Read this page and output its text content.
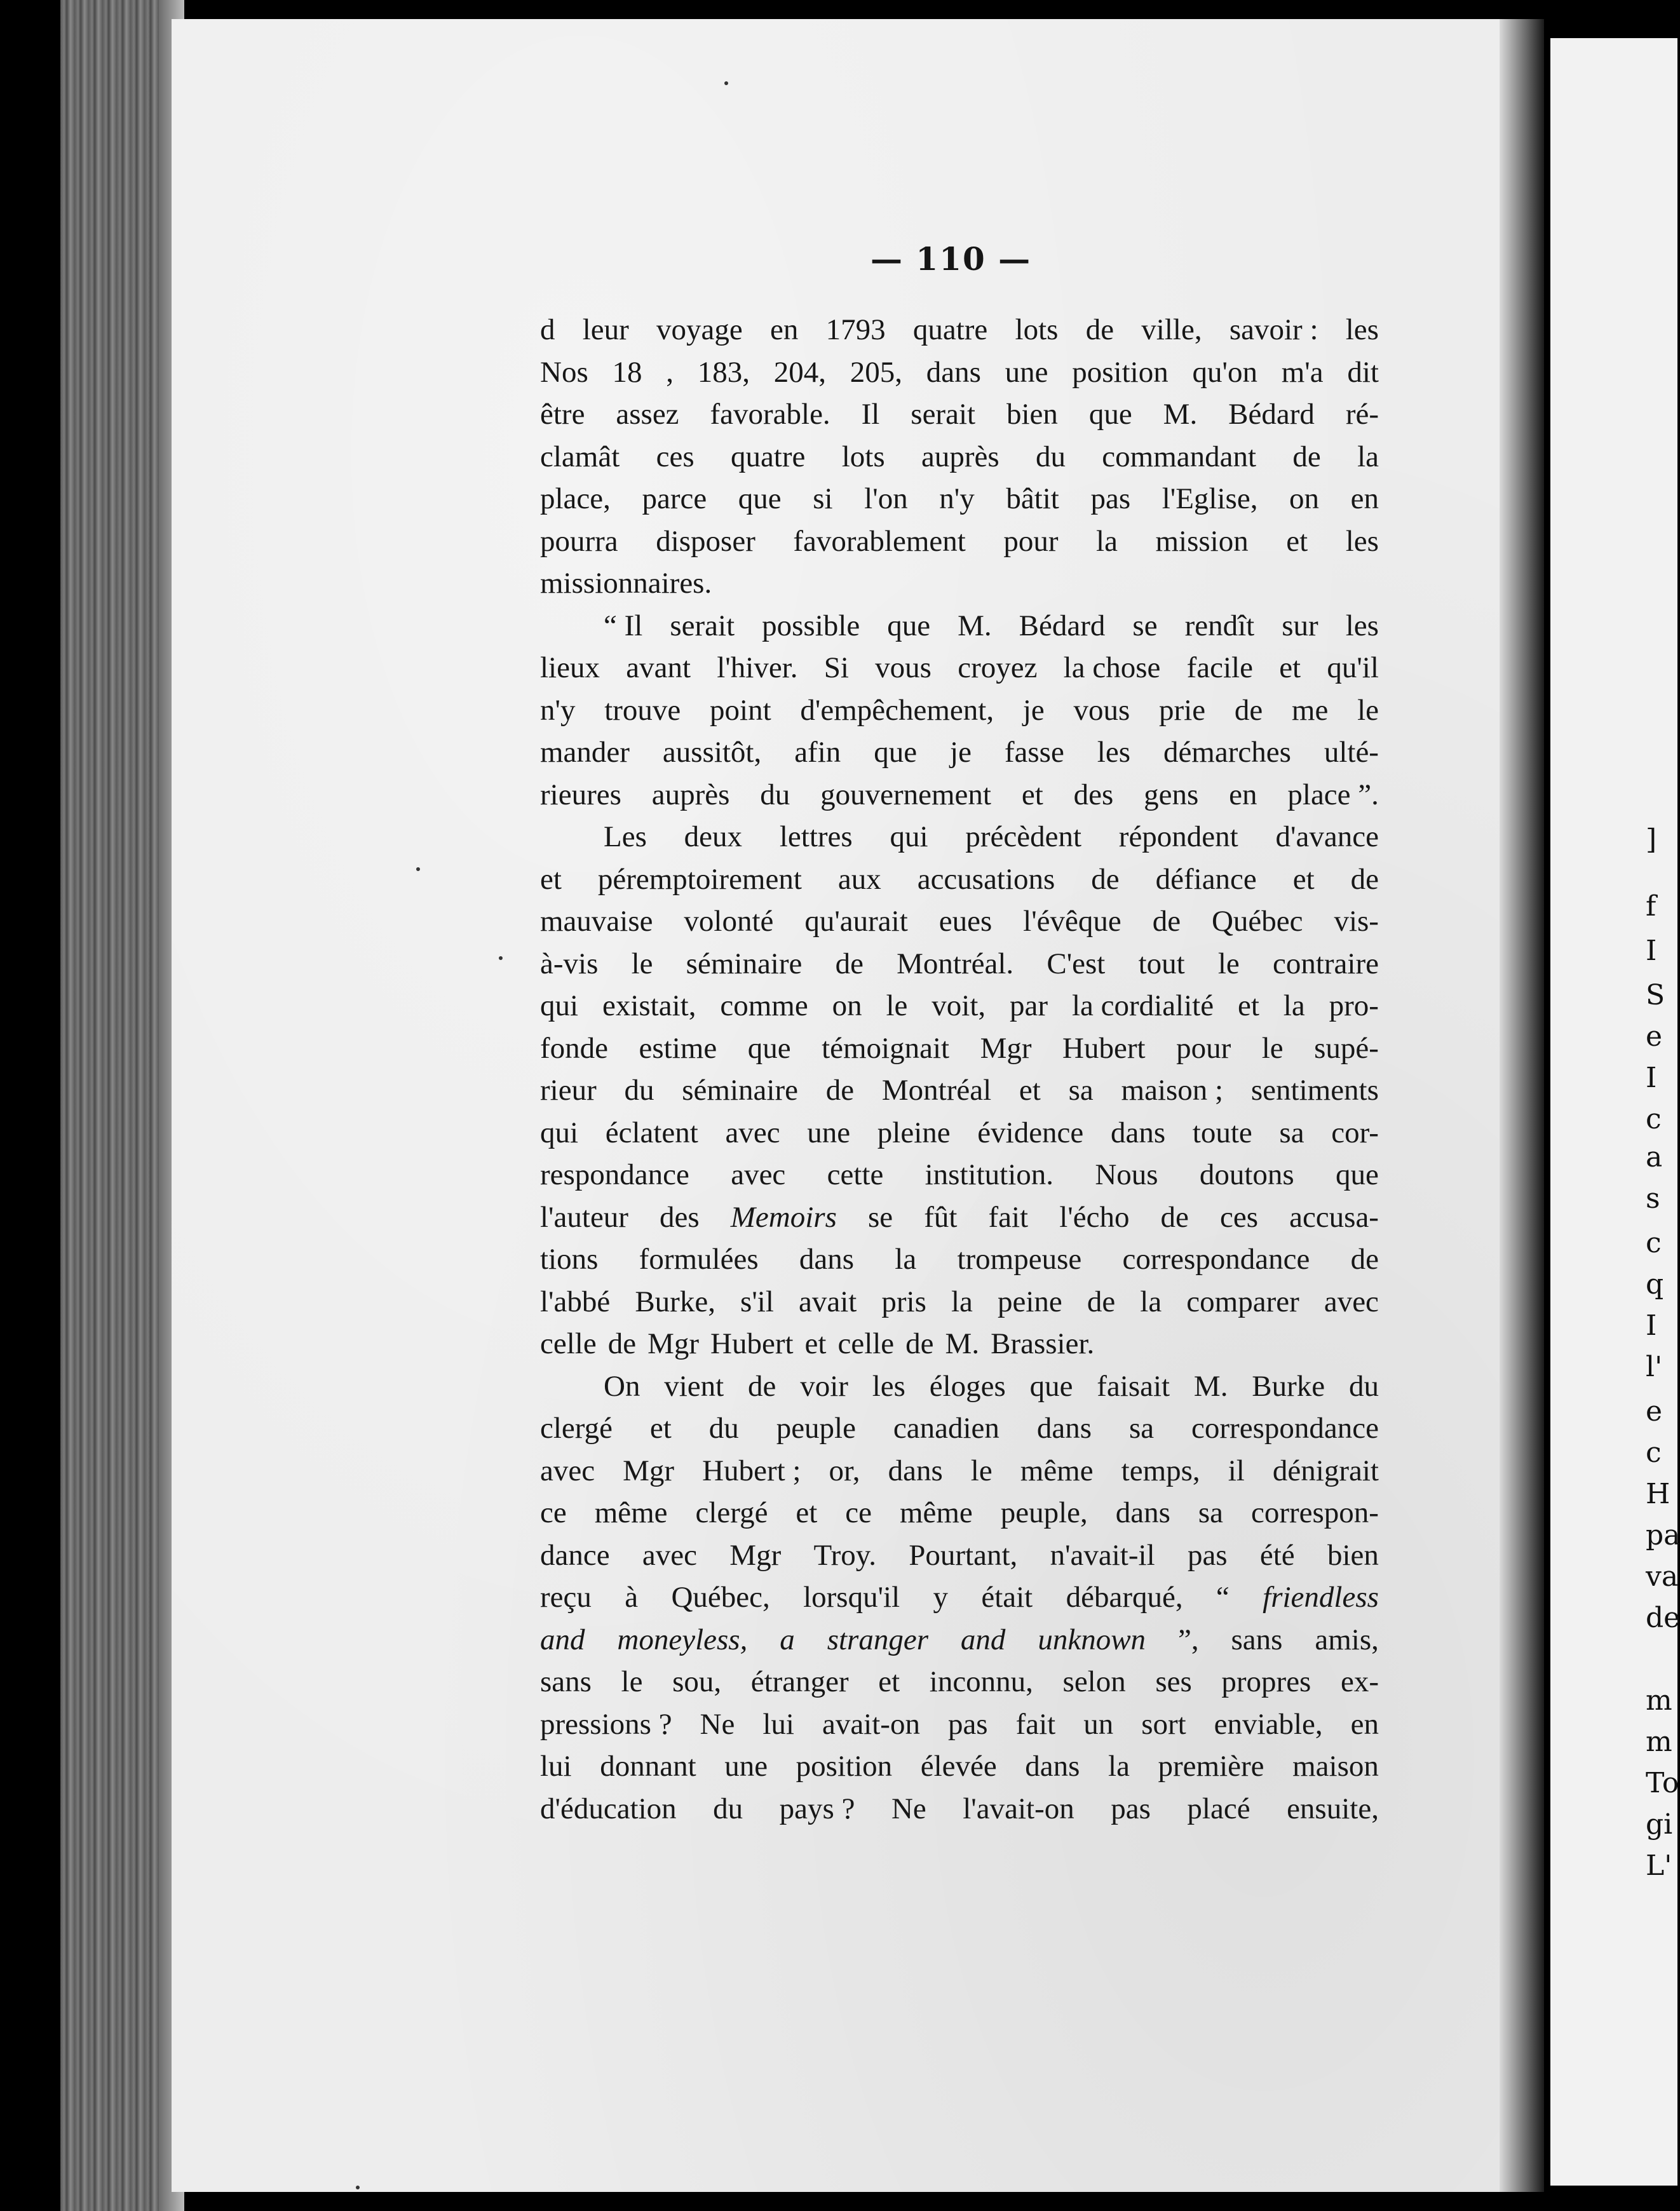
— 110 —
d leur voyage en 1793 quatre lots de ville, savoir : les
Nos 18 , 183, 204, 205, dans une position qu'on m'a dit
être assez favorable. Il serait bien que M. Bédard ré-
clamât ces quatre lots auprès du commandant de la
place, parce que si l'on n'y bâtit pas l'Eglise, on en
pourra disposer favorablement pour la mission et les
missionnaires.
“ Il serait possible que M. Bédard se rendît sur les
lieux avant l'hiver. Si vous croyez la chose facile et qu'il
n'y trouve point d'empêchement, je vous prie de me le
mander aussitôt, afin que je fasse les démarches ulté-
rieures auprès du gouvernement et des gens en place ”.
Les deux lettres qui précèdent répondent d'avance
et péremptoirement aux accusations de défiance et de
mauvaise volonté qu'aurait eues l'évêque de Québec vis-
à-vis le séminaire de Montréal. C'est tout le contraire
qui existait, comme on le voit, par la cordialité et la pro-
fonde estime que témoignait Mgr Hubert pour le supé-
rieur du séminaire de Montréal et sa maison ; sentiments
qui éclatent avec une pleine évidence dans toute sa cor-
respondance avec cette institution. Nous doutons que
l'auteur des Memoirs se fût fait l'écho de ces accusa-
tions formulées dans la trompeuse correspondance de
l'abbé Burke, s'il avait pris la peine de la comparer avec
celle de Mgr Hubert et celle de M. Brassier.
On vient de voir les éloges que faisait M. Burke du
clergé et du peuple canadien dans sa correspondance
avec Mgr Hubert ; or, dans le même temps, il dénigrait
ce même clergé et ce même peuple, dans sa correspon-
dance avec Mgr Troy. Pourtant, n'avait-il pas été bien
reçu à Québec, lorsqu'il y était débarqué, “ friendless
and moneyless, a stranger and unknown ”, sans amis,
sans le sou, étranger et inconnu, selon ses propres ex-
pressions ? Ne lui avait-on pas fait un sort enviable, en
lui donnant une position élevée dans la première maison
d'éducation du pays ? Ne l'avait-on pas placé ensuite,
]
f
I
S
e
I
c
a
s
c
q
I
l'
e
c
H
pa
va
de
m
m
To
gi
L'
